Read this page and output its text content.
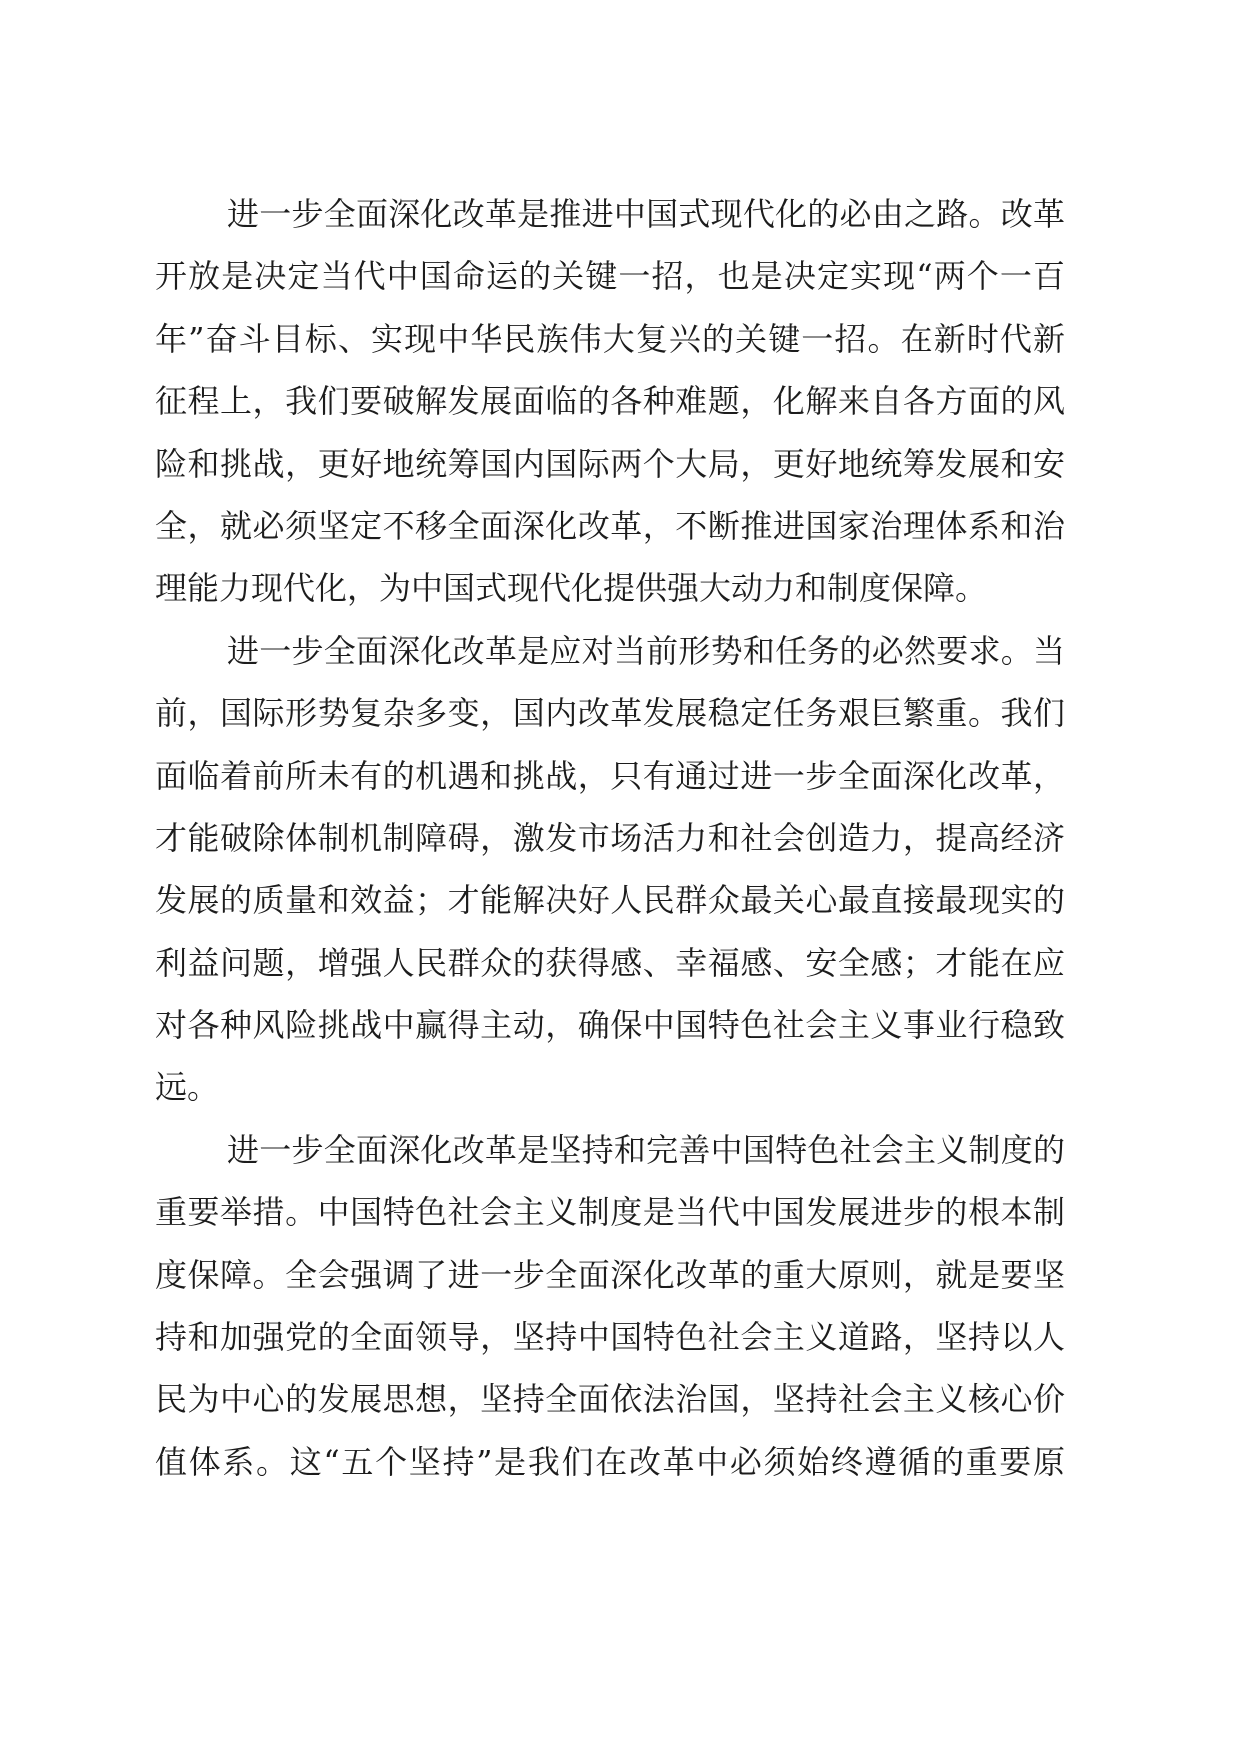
进一步全面深化改革是推进中国式现代化的必由之路。改革
开放是决定当代中国命运的关键一招，也是决定实现“两个一百
年”奋斗目标、实现中华民族伟大复兴的关键一招。在新时代新
征程上，我们要破解发展面临的各种难题，化解来自各方面的风
险和挑战，更好地统筹国内国际两个大局，更好地统筹发展和安
全，就必须坚定不移全面深化改革，不断推进国家治理体系和治
理能力现代化，为中国式现代化提供强大动力和制度保障。
进一步全面深化改革是应对当前形势和任务的必然要求。当
前，国际形势复杂多变，国内改革发展稳定任务艰巨繁重。我们
面临着前所未有的机遇和挑战，只有通过进一步全面深化改革，
才能破除体制机制障碍，激发市场活力和社会创造力，提高经济
发展的质量和效益；才能解决好人民群众最关心最直接最现实的
利益问题，增强人民群众的获得感、幸福感、安全感；才能在应
对各种风险挑战中赢得主动，确保中国特色社会主义事业行稳致
远。
进一步全面深化改革是坚持和完善中国特色社会主义制度的
重要举措。中国特色社会主义制度是当代中国发展进步的根本制
度保障。全会强调了进一步全面深化改革的重大原则，就是要坚
持和加强党的全面领导，坚持中国特色社会主义道路，坚持以人
民为中心的发展思想，坚持全面依法治国，坚持社会主义核心价
值体系。这“五个坚持”是我们在改革中必须始终遵循的重要原
